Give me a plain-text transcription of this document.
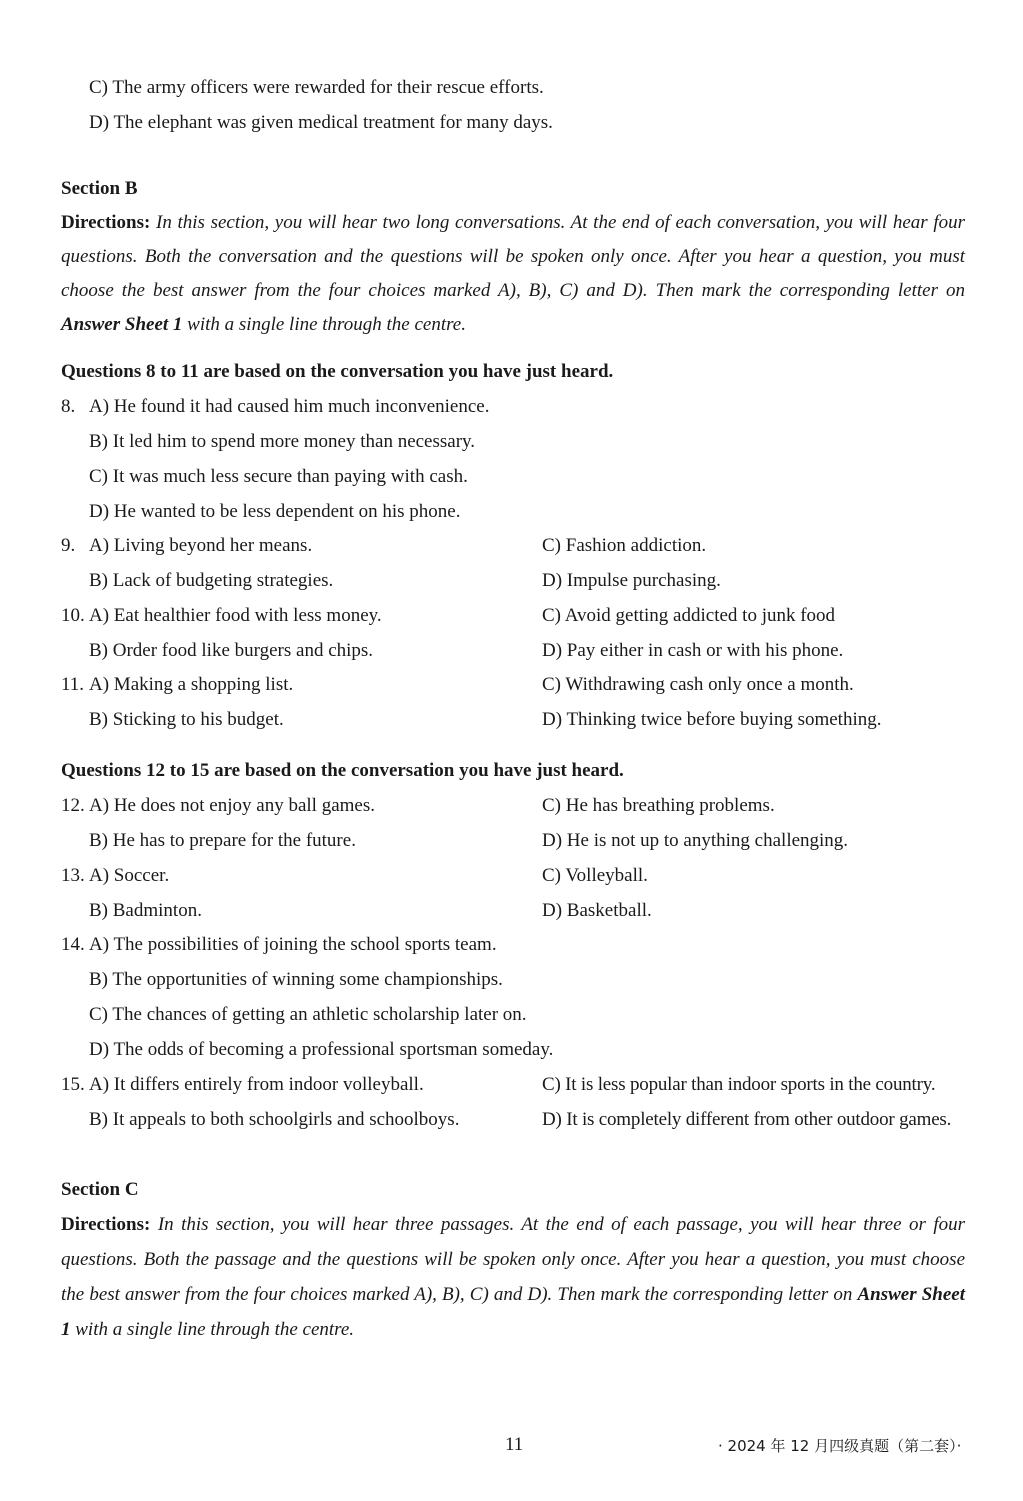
C) The army officers were rewarded for their rescue efforts.
D) The elephant was given medical treatment for many days.
Section B
Directions: In this section, you will hear two long conversations. At the end of each conversation, you will hear four questions. Both the conversation and the questions will be spoken only once. After you hear a question, you must choose the best answer from the four choices marked A), B), C) and D). Then mark the corresponding letter on Answer Sheet 1 with a single line through the centre.
Questions 8 to 11 are based on the conversation you have just heard.
8. A) He found it had caused him much inconvenience.
B) It led him to spend more money than necessary.
C) It was much less secure than paying with cash.
D) He wanted to be less dependent on his phone.
9. A) Living beyond her means.	C) Fashion addiction.
B) Lack of budgeting strategies.	D) Impulse purchasing.
10. A) Eat healthier food with less money.	C) Avoid getting addicted to junk food
B) Order food like burgers and chips.	D) Pay either in cash or with his phone.
11. A) Making a shopping list.	C) Withdrawing cash only once a month.
B) Sticking to his budget.	D) Thinking twice before buying something.
Questions 12 to 15 are based on the conversation you have just heard.
12. A) He does not enjoy any ball games.	C) He has breathing problems.
B) He has to prepare for the future.	D) He is not up to anything challenging.
13. A) Soccer.	C) Volleyball.
B) Badminton.	D) Basketball.
14. A) The possibilities of joining the school sports team.
B) The opportunities of winning some championships.
C) The chances of getting an athletic scholarship later on.
D) The odds of becoming a professional sportsman someday.
15. A) It differs entirely from indoor volleyball.	C) It is less popular than indoor sports in the country.
B) It appeals to both schoolgirls and schoolboys.	D) It is completely different from other outdoor games.
Section C
Directions: In this section, you will hear three passages. At the end of each passage, you will hear three or four questions. Both the passage and the questions will be spoken only once. After you hear a question, you must choose the best answer from the four choices marked A), B), C) and D). Then mark the corresponding letter on Answer Sheet 1 with a single line through the centre.
11	· 2024 年 12 月四级真题（第二套）·
